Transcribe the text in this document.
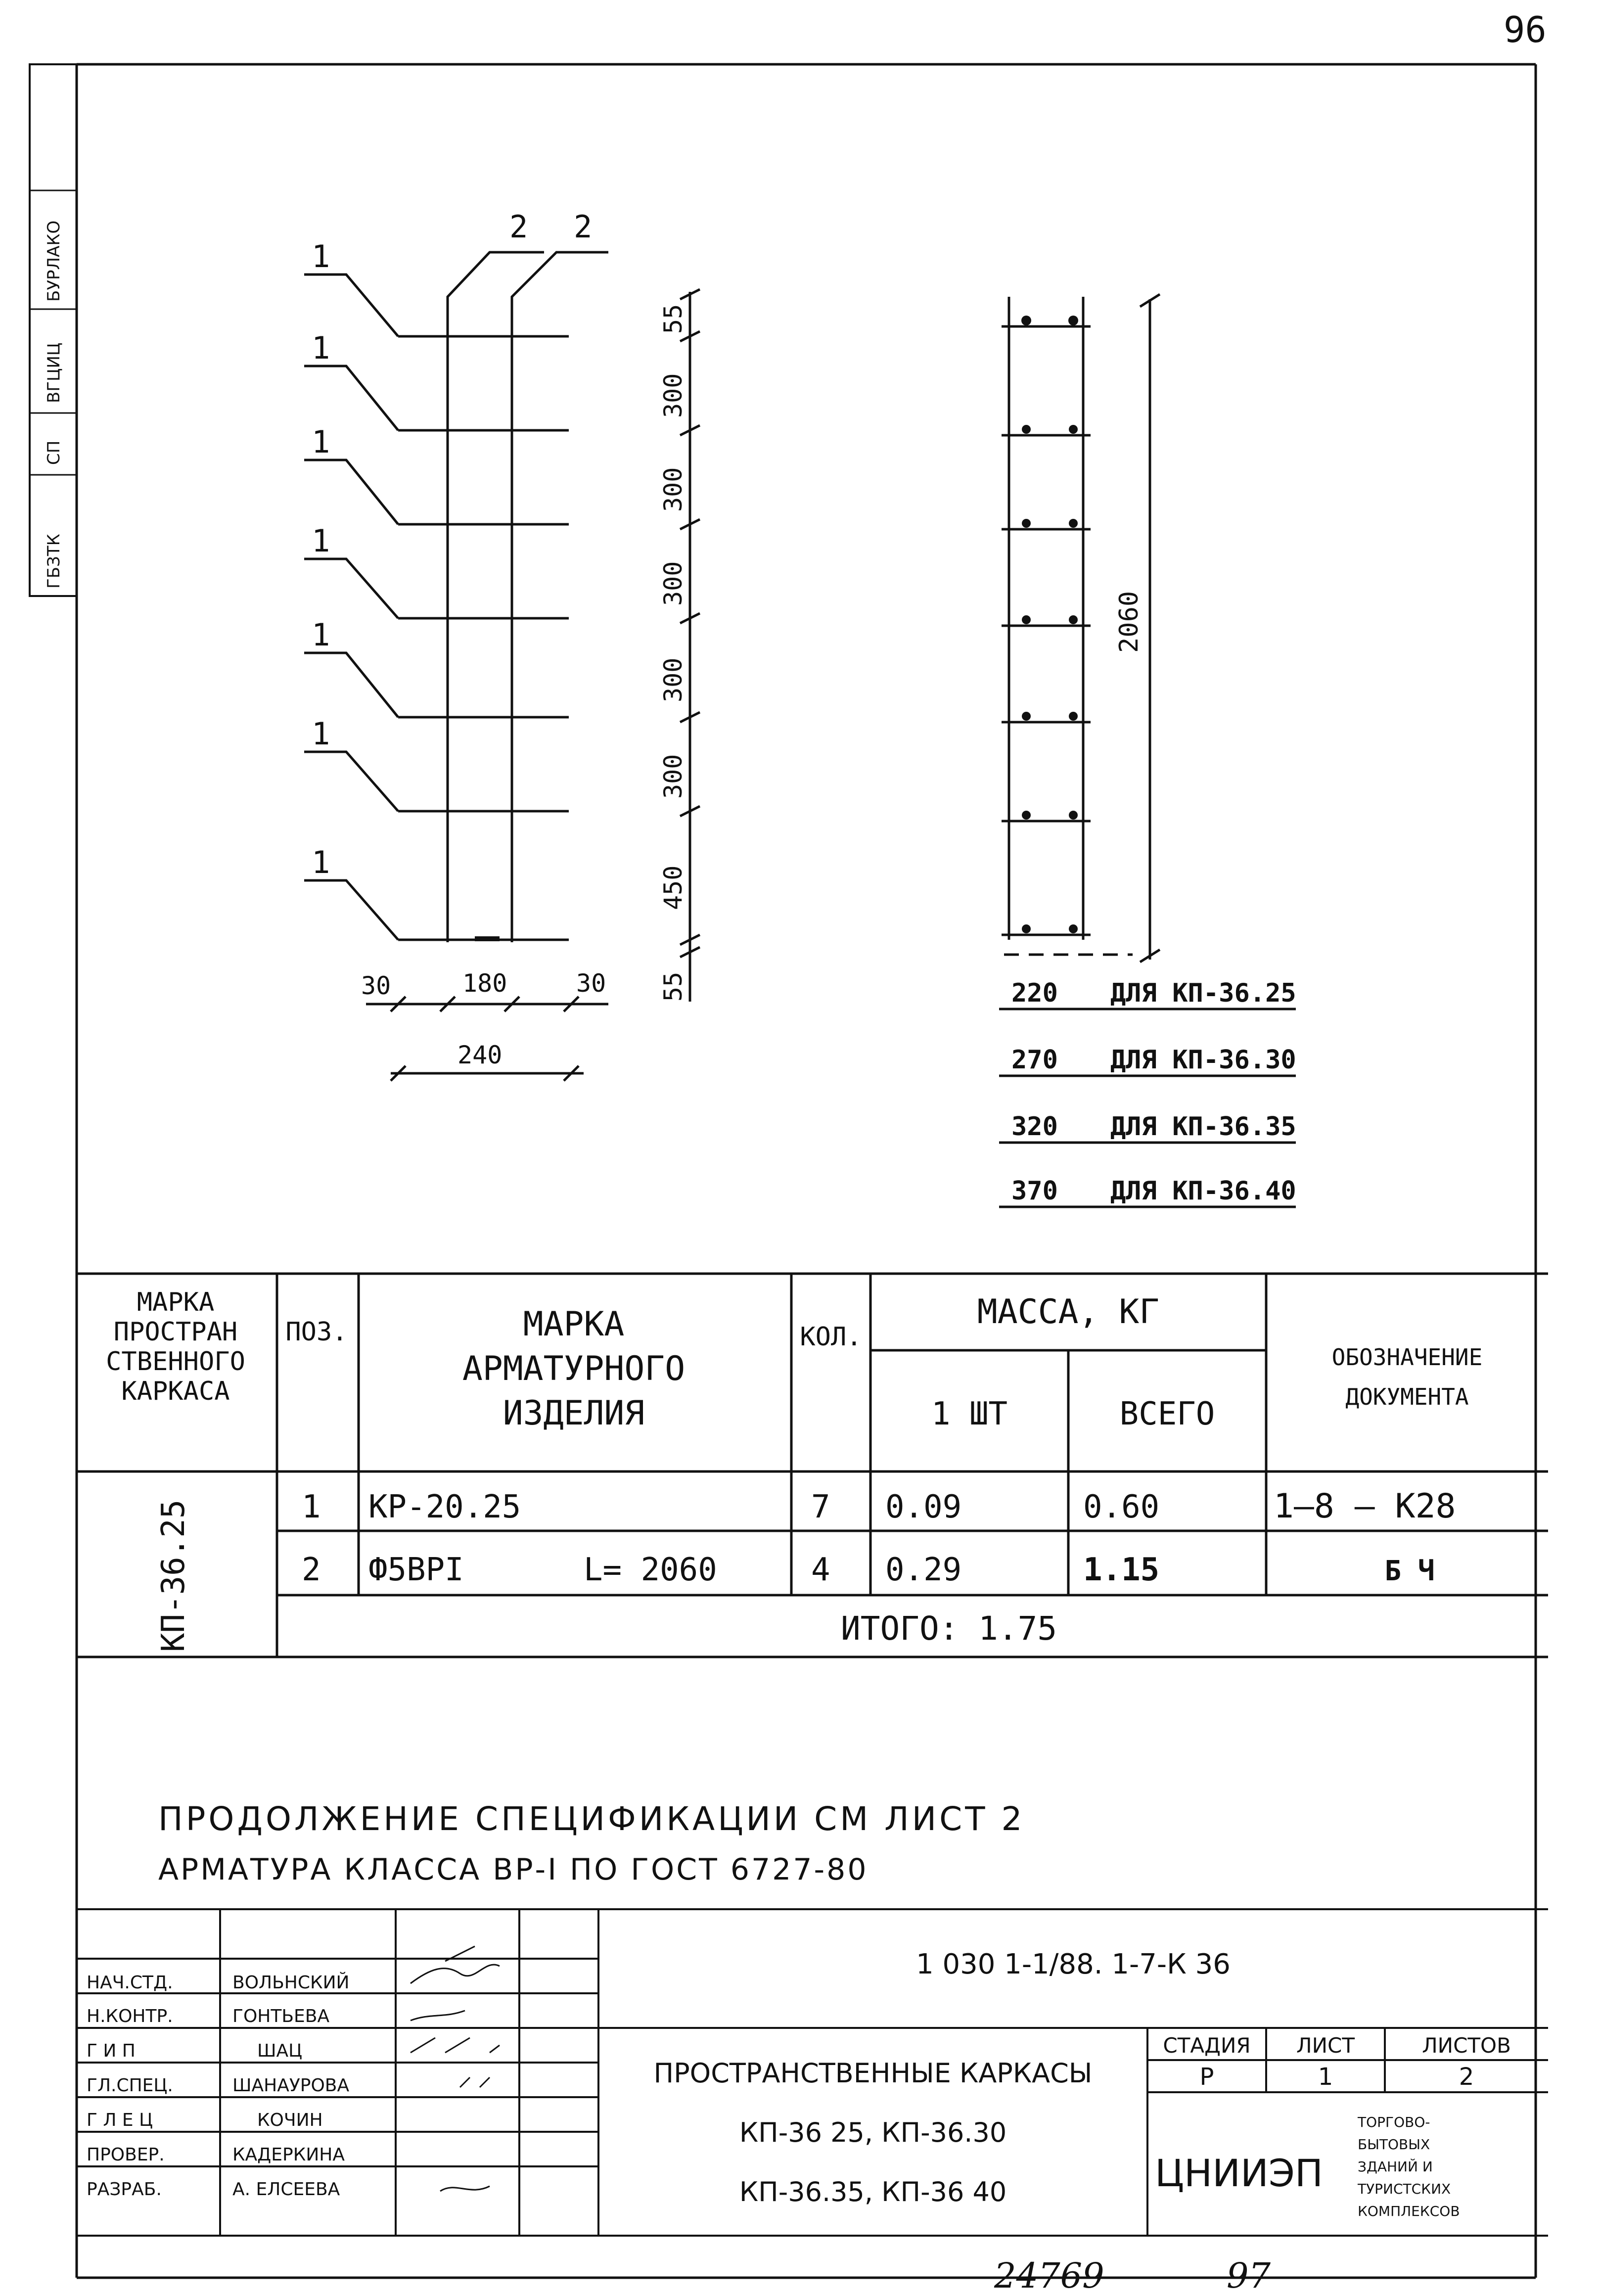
96
ГБЗТК
СП
ВГЦИЦ
БУРЛАКО	1
1
1
1
1
1
1
2 2
55
300
300
300
300
300
450
55
30	180	30
240
2060
220 ДЛЯ КП-36.25
270 ДЛЯ КП-36.30
320 ДЛЯ КП-36.35
370 ДЛЯ КП-36.40
МАРКА
ПРОСТРАН
СТВЕННОГО
КАРКАСА
ПОЗ.	МАРКА
АРМАТУРНОГО
ИЗДЕЛИЯ
КОЛ.
МАССА, КГ
1 ШТ	ВСЕГО
ОБОЗНАЧЕНИЕ
ДОКУМЕНТА
КП-36.25	1 КР-20.25	7 0.09	0.60	1–8 — К28
2 Ф5ВРI	L= 2060	4 0.29	1.15	Б Ч
ИТОГО: 1.75
ПРОДОЛЖЕНИЕ СПЕЦИФИКАЦИИ СМ ЛИСТ 2
АРМАТУРА КЛАССА ВР-I ПО ГОСТ 6727-80
НАЧ.СТД.	ВОЛЬНСКИЙ
Н.КОНТР.	ГОНТЬЕВА
Г И П	ШАЦ
ГЛ.СПЕЦ.	ШАНАУРОВА
Г Л Е Ц	КОЧИН
ПРОВЕР.	КАДЕРКИНА
РАЗРАБ.	А. ЕЛСЕЕВА
1 030 1-1/88. 1-7-К 36
ПРОСТРАНСТВЕННЫЕ КАРКАСЫ
КП-36 25, КП-36.30
КП-36.35, КП-36 40
СТАДИЯ ЛИСТ	ЛИСТОВ
Р	1	2
ЦНИИЭП
ТОРГОВО-
БЫТОВЫХ
ЗДАНИЙ И
ТУРИСТСКИХ
КОМПЛЕКСОВ
24769	97
